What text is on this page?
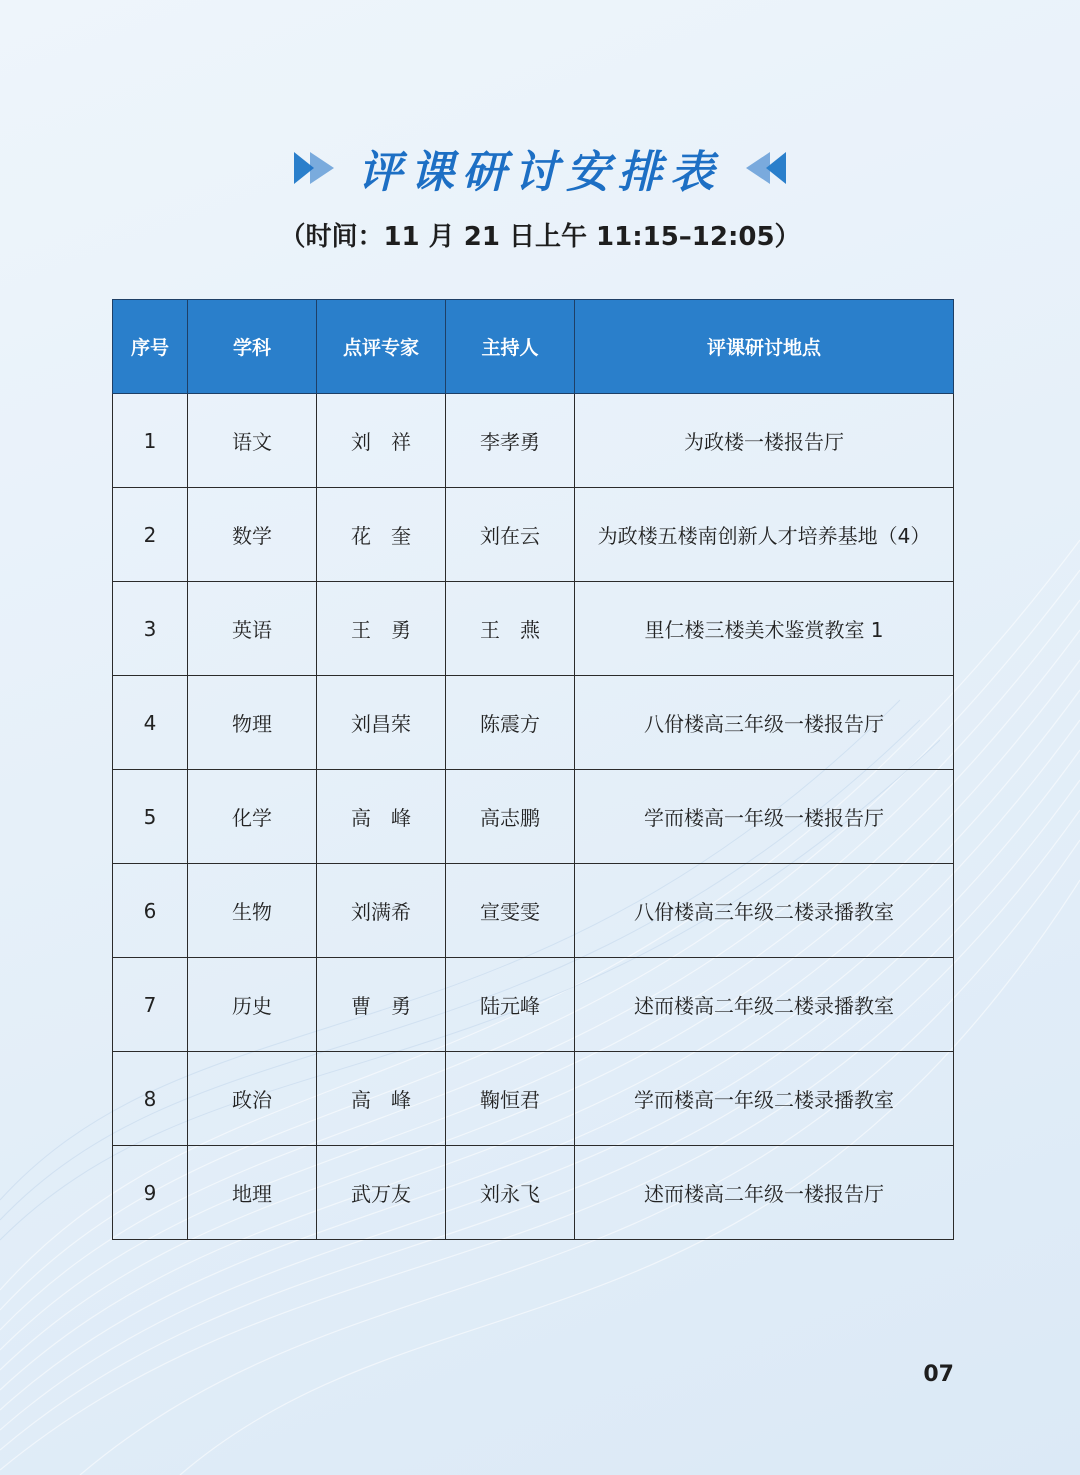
评课研讨安排表
（时间：11 月 21 日上午 11:15–12:05）
序号	学科	点评专家	主持人	评课研讨地点
1	语文	刘　祥	李孝勇	为政楼一楼报告厅
2	数学	花　奎	刘在云	为政楼五楼南创新人才培养基地（4）
3	英语	王　勇	王　燕	里仁楼三楼美术鉴赏教室 1
4	物理	刘昌荣	陈震方	八佾楼高三年级一楼报告厅
5	化学	高　峰	高志鹏	学而楼高一年级一楼报告厅
6	生物	刘满希	宣雯雯	八佾楼高三年级二楼录播教室
7	历史	曹　勇	陆元峰	述而楼高二年级二楼录播教室
8	政治	高　峰	鞠恒君	学而楼高一年级二楼录播教室
9	地理	武万友	刘永飞	述而楼高二年级一楼报告厅
07
